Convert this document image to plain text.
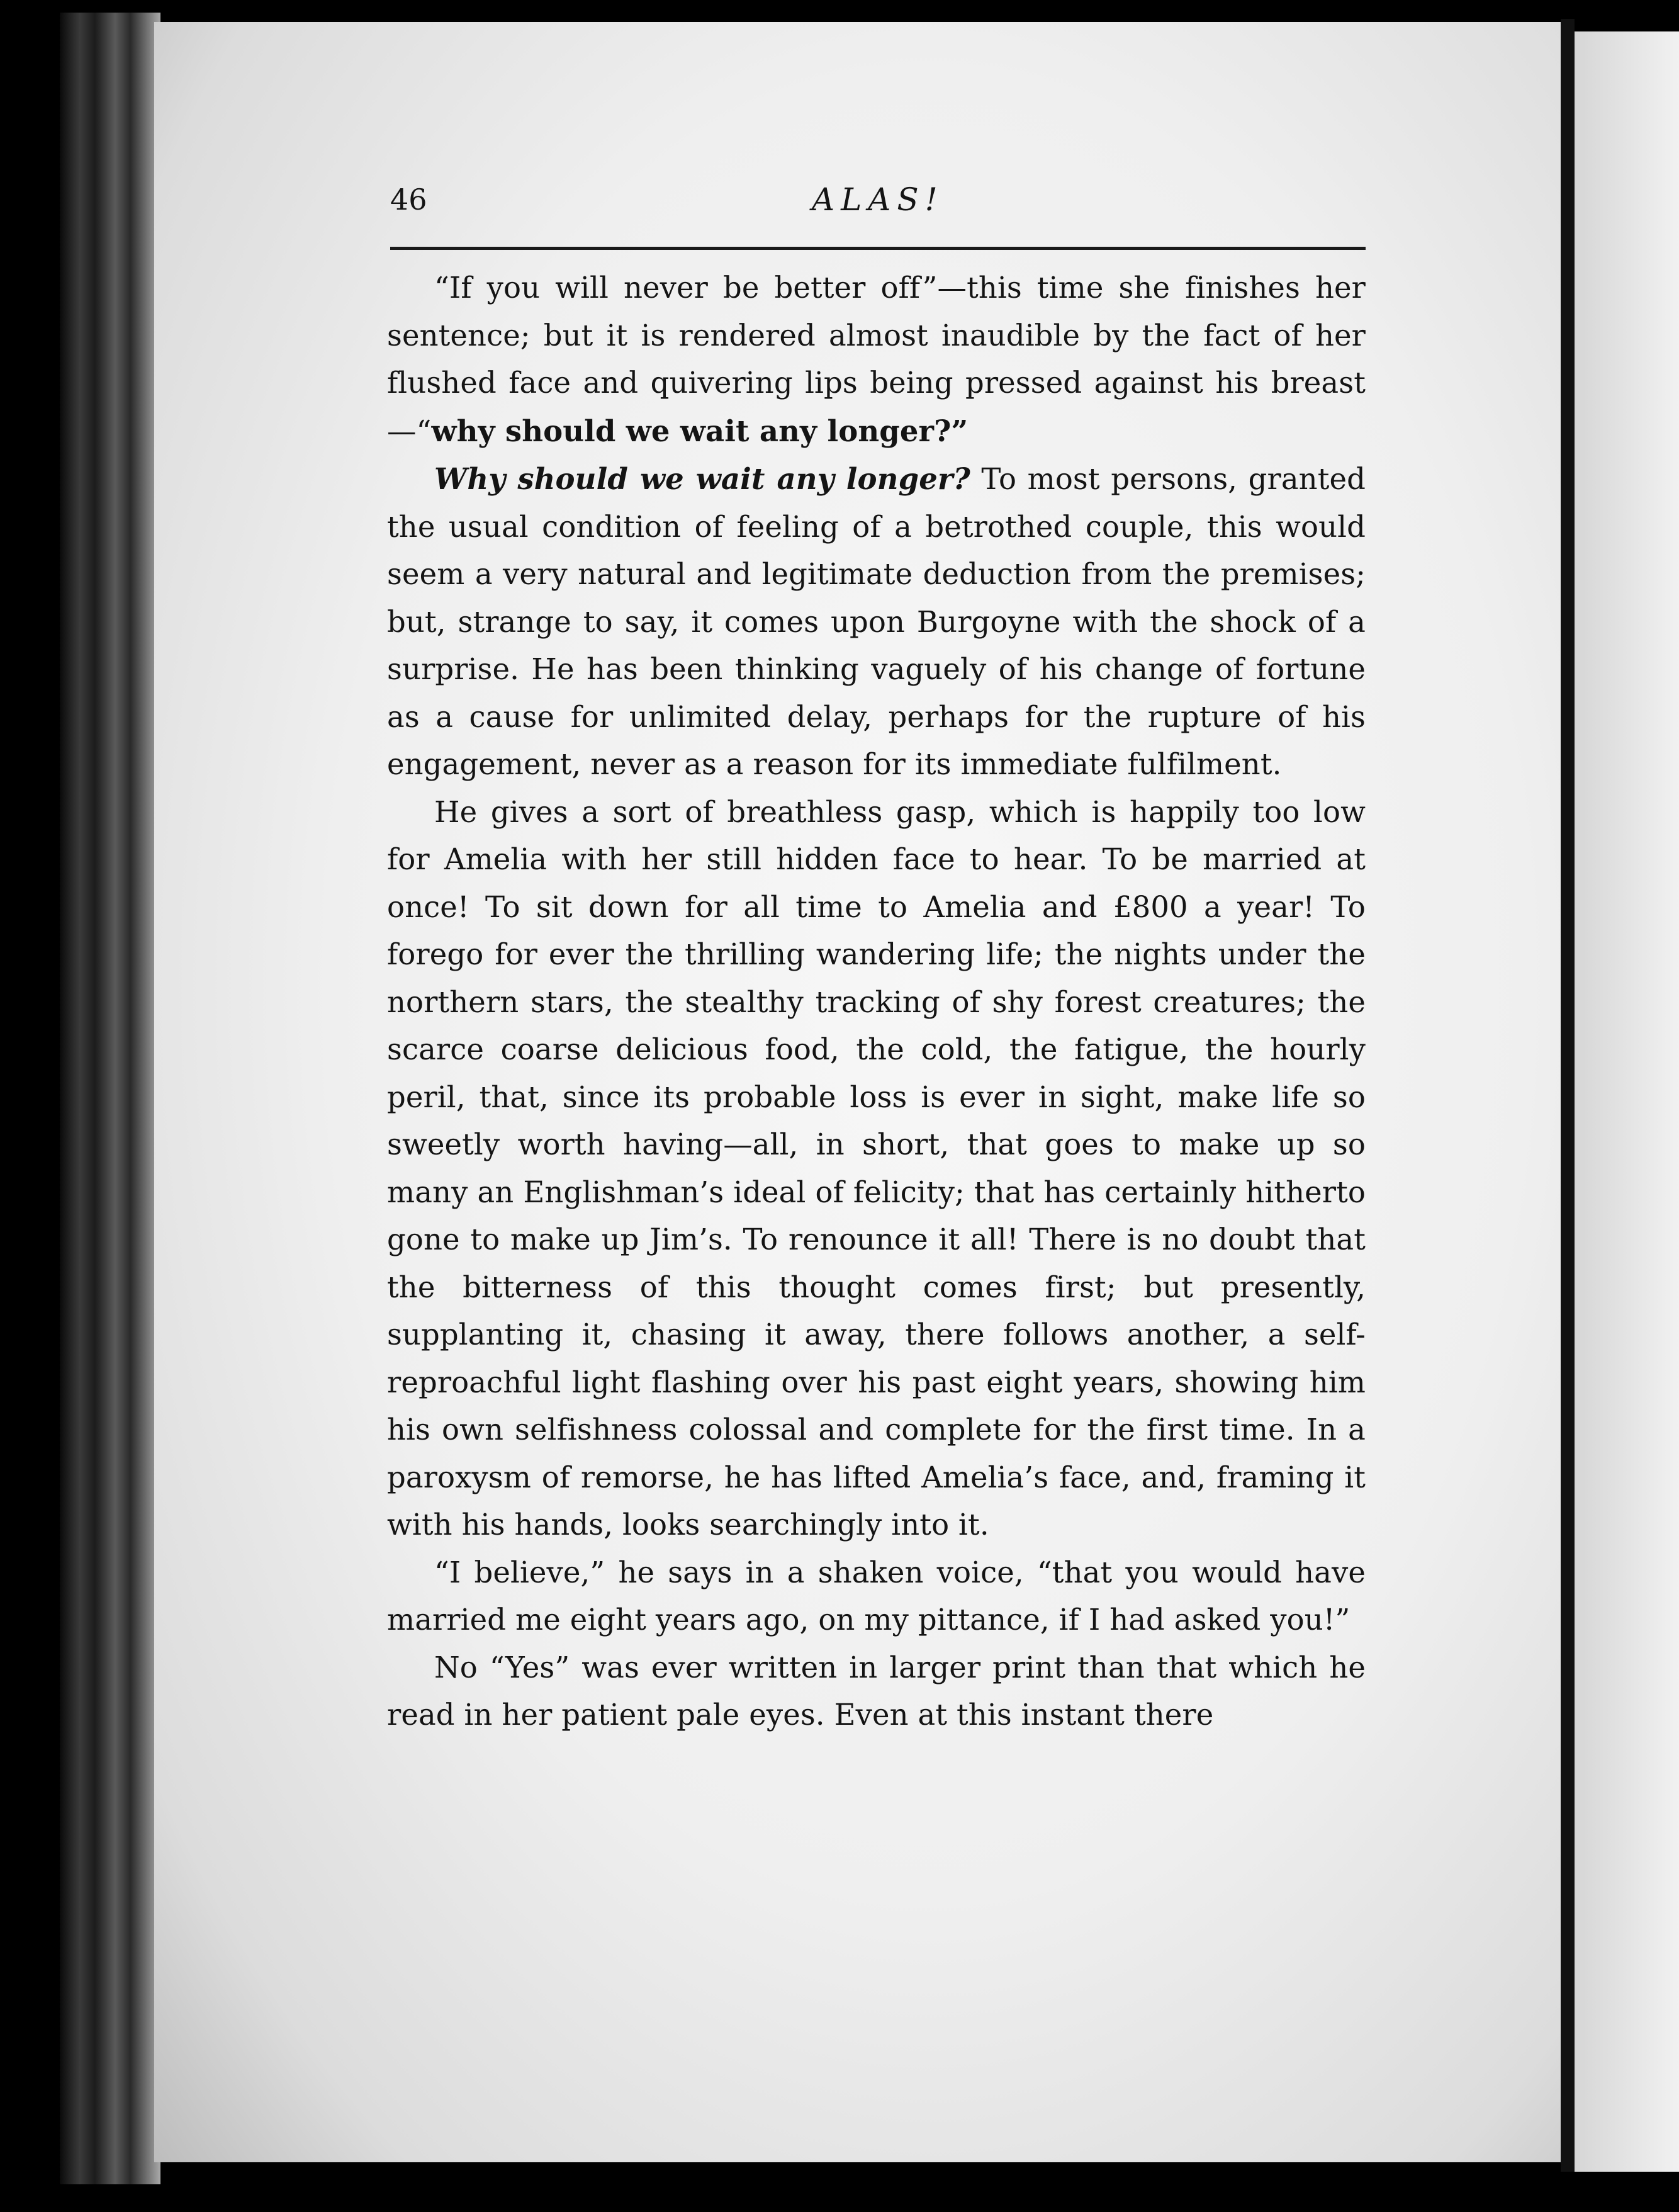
46	ALAS!

“If you will never be better off”—this time she finishes her sentence; but it is rendered almost inaudible by the fact of her flushed face and quivering lips being pressed against his breast—“why should we wait any longer?”

Why should we wait any longer? To most persons, granted the usual condition of feeling of a betrothed couple, this would seem a very natural and legitimate deduction from the premises; but, strange to say, it comes upon Burgoyne with the shock of a surprise. He has been thinking vaguely of his change of fortune as a cause for unlimited delay, perhaps for the rupture of his engagement, never as a reason for its immediate fulfilment.

He gives a sort of breathless gasp, which is happily too low for Amelia with her still hidden face to hear. To be married at once! To sit down for all time to Amelia and £800 a year! To forego for ever the thrilling wandering life; the nights under the northern stars, the stealthy tracking of shy forest creatures; the scarce coarse delicious food, the cold, the fatigue, the hourly peril, that, since its probable loss is ever in sight, make life so sweetly worth having—all, in short, that goes to make up so many an Englishman’s ideal of felicity; that has certainly hitherto gone to make up Jim’s. To renounce it all! There is no doubt that the bitterness of this thought comes first; but presently, supplanting it, chasing it away, there follows another, a self-reproachful light flashing over his past eight years, showing him his own selfishness colossal and complete for the first time. In a paroxysm of remorse, he has lifted Amelia’s face, and, framing it with his hands, looks searchingly into it.

“I believe,” he says in a shaken voice, “that you would have married me eight years ago, on my pittance, if I had asked you!”

No “Yes” was ever written in larger print than that which he read in her patient pale eyes. Even at this instant there
